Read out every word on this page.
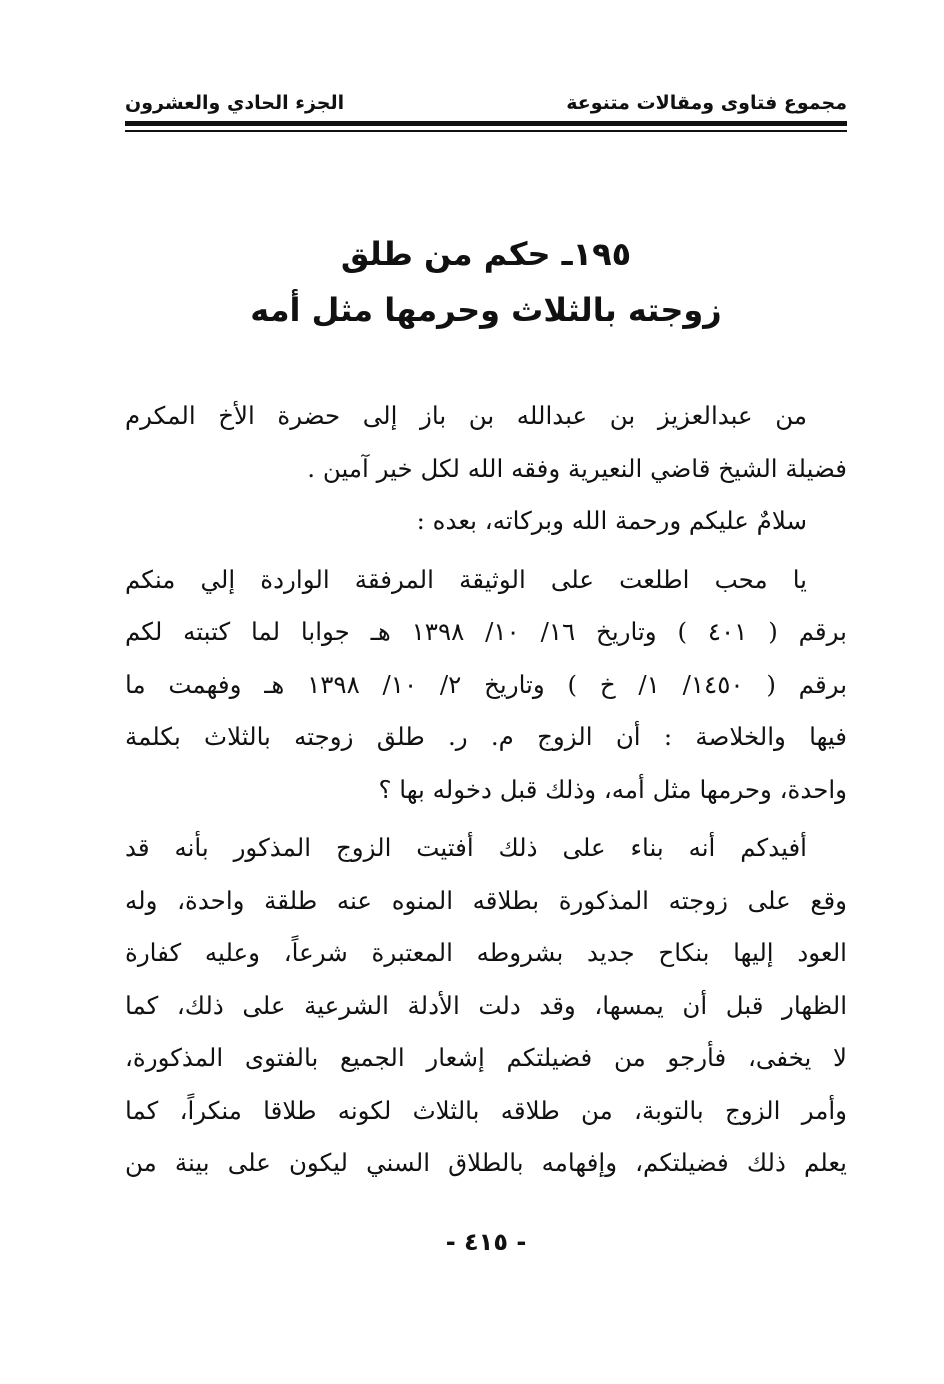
مجموع فتاوى ومقالات متنوعة
الجزء الحادي والعشرون
١٩٥ـ حكم من طلق
زوجته بالثلاث وحرمها مثل أمه
من عبدالعزيز بن عبدالله بن باز إلى حضرة الأخ المكرم
فضيلة الشيخ قاضي النعيرية وفقه الله لكل خير آمين .
سلامٌ عليكم ورحمة الله وبركاته، بعده :
يا محب اطلعت على الوثيقة المرفقة الواردة إلي منكم
برقم ( ٤٠١ ) وتاريخ ١٦/ ١٠/ ١٣٩٨ هـ جوابا لما كتبته لكم
برقم ( ١٤٥٠/ ١/ خ ) وتاريخ ٢/ ١٠/ ١٣٩٨ هـ وفهمت ما
فيها والخلاصة : أن الزوج م. ر. طلق زوجته بالثلاث بكلمة
واحدة، وحرمها مثل أمه، وذلك قبل دخوله بها ؟
أفيدكم أنه بناء على ذلك أفتيت الزوج المذكور بأنه قد
وقع على زوجته المذكورة بطلاقه المنوه عنه طلقة واحدة، وله
العود إليها بنكاح جديد بشروطه المعتبرة شرعاً، وعليه كفارة
الظهار قبل أن يمسها، وقد دلت الأدلة الشرعية على ذلك، كما
لا يخفى، فأرجو من فضيلتكم إشعار الجميع بالفتوى المذكورة،
وأمر الزوج بالتوبة، من طلاقه بالثلاث لكونه طلاقا منكراً، كما
يعلم ذلك فضيلتكم، وإفهامه بالطلاق السني ليكون على بينة من
- ٤١٥ -
